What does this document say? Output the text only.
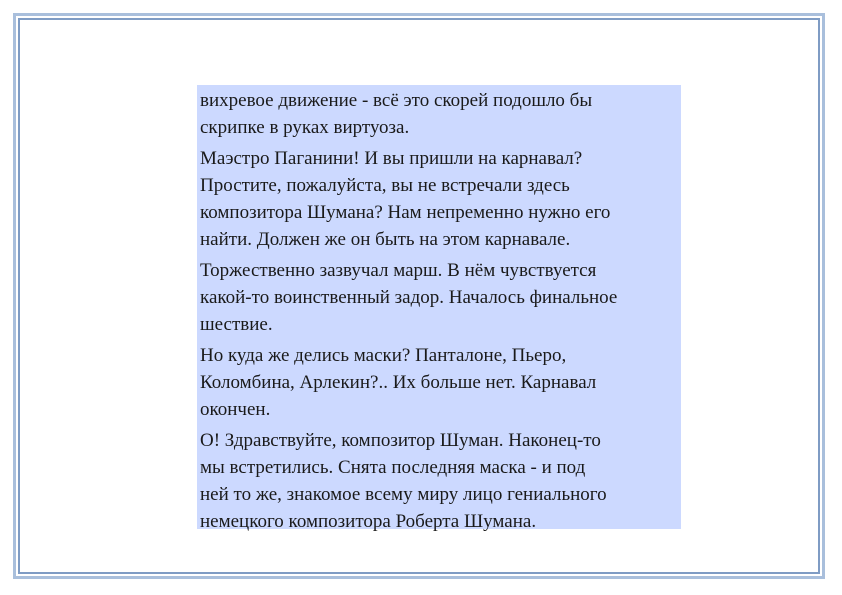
вихревое движение - всё это скорей подошло бы
скрипке в руках виртуоза.

Маэстро Паганини! И вы пришли на карнавал?
Простите, пожалуйста, вы не встречали здесь
композитора Шумана? Нам непременно нужно его
найти. Должен же он быть на этом карнавале.

Торжественно зазвучал марш. В нём чувствуется
какой-то воинственный задор. Началось финальное
шествие.

Но куда же делись маски? Панталоне, Пьеро,
Коломбина, Арлекин?.. Их больше нет. Карнавал
окончен.

О! Здравствуйте, композитор Шуман. Наконец-то
мы встретились. Снята последняя маска - и под
ней то же, знакомое всему миру лицо гениального
немецкого композитора Роберта Шумана.
